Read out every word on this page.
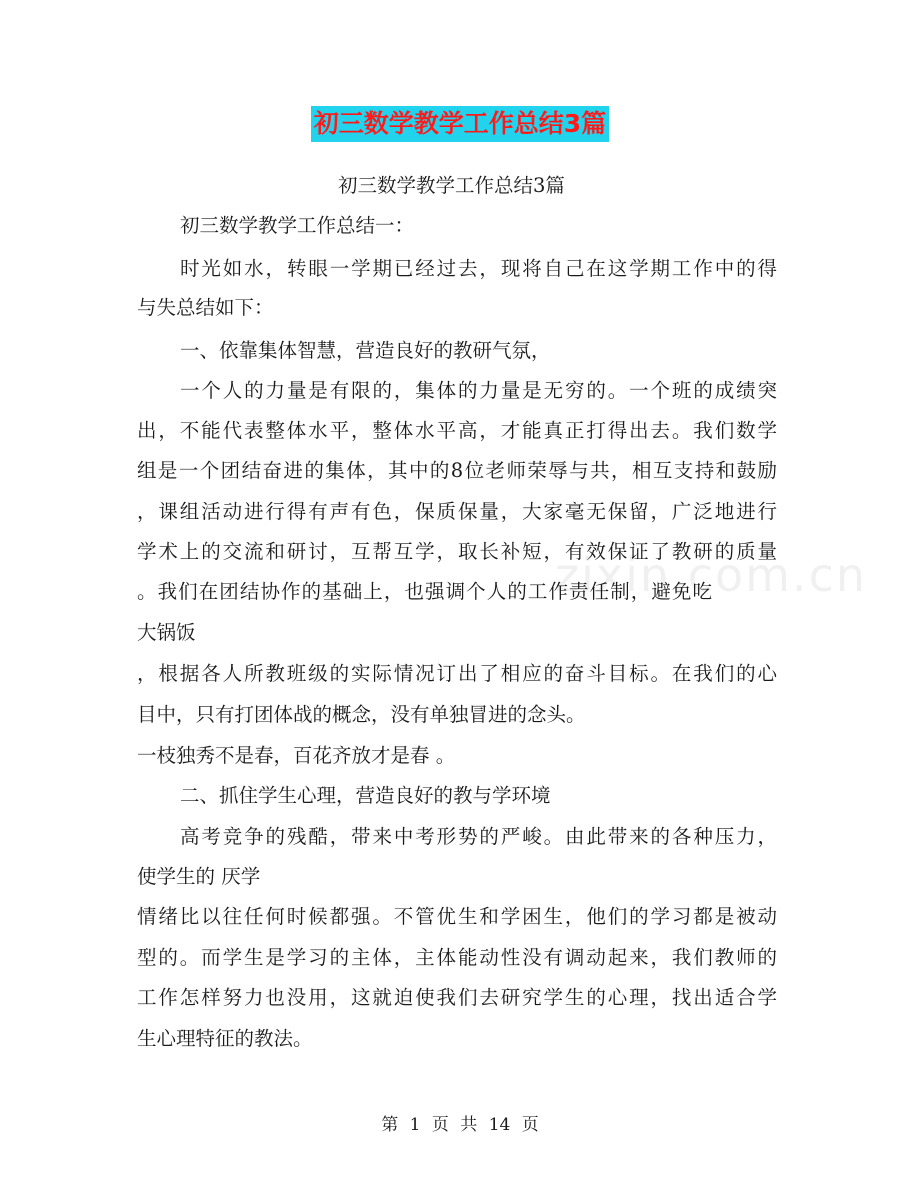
初三数学教学工作总结3篇
初三数学教学工作总结3篇
初三数学教学工作总结一：
时光如水，转眼一学期已经过去，现将自己在这学期工作中的得
与失总结如下：
一、依靠集体智慧，营造良好的教研气氛，
一个人的力量是有限的，集体的力量是无穷的。一个班的成绩突
出，不能代表整体水平，整体水平高，才能真正打得出去。我们数学
组是一个团结奋进的集体，其中的8位老师荣辱与共，相互支持和鼓励
，课组活动进行得有声有色，保质保量，大家毫无保留，广泛地进行
学术上的交流和研讨，互帮互学，取长补短，有效保证了教研的质量
。我们在团结协作的基础上，也强调个人的工作责任制，避免吃
大锅饭
，根据各人所教班级的实际情况订出了相应的奋斗目标。在我们的心
目中，只有打团体战的概念，没有单独冒进的念头。
一枝独秀不是春，百花齐放才是春 。
二、抓住学生心理，营造良好的教与学环境
高考竞争的残酷，带来中考形势的严峻。由此带来的各种压力，
使学生的 厌学
情绪比以往任何时候都强。不管优生和学困生，他们的学习都是被动
型的。而学生是学习的主体，主体能动性没有调动起来，我们教师的
工作怎样努力也没用，这就迫使我们去研究学生的心理，找出适合学
生心理特征的教法。
zixin.com.cn
第 1 页 共 14 页
